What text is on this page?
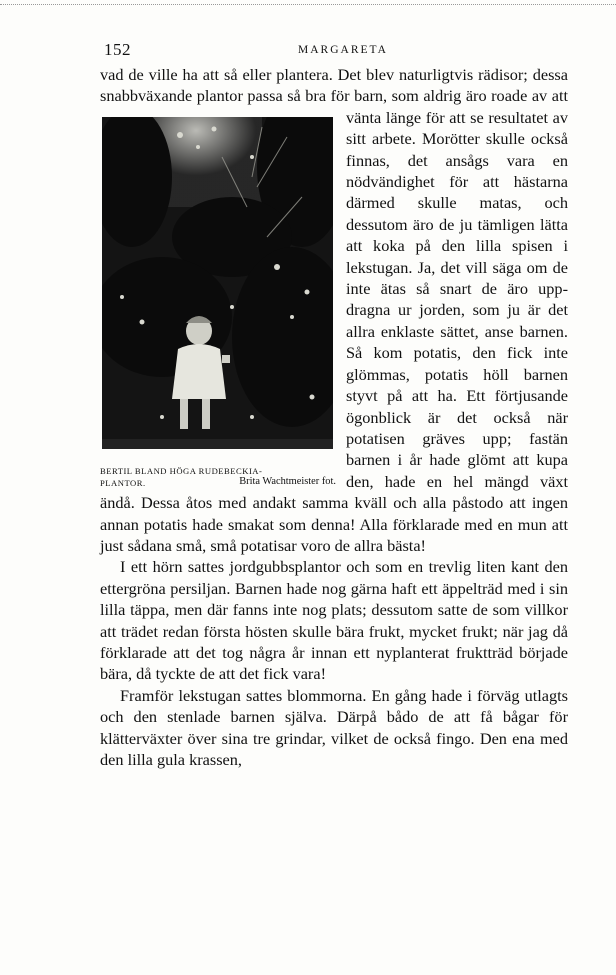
152	MARGARETA

vad de ville ha att så eller plantera. Det blev naturligtvis rädisor; dessa snabbväxande plantor passa så bra för barn, som aldrig äro roade av att vänta länge för att se resul
BERTIL BLAND HÖGA RUDEBECKIA-
PLANTOR.	Brita Wachtmeister fot.
tatet av sitt arbete. Morötter skulle också finnas, det ansågs vara en nödvändighet för att hästarna därmed skulle matas, och dessutom äro de ju tämligen lätta att koka på den lilla spisen i lekstugan. Ja, det vill säga om de inte ätas så snart de äro uppdragna ur jorden, som ju är det allra enklaste sättet, anse barnen. Så kom potatis, den fick inte glömmas, potatis höll barnen styvt på att ha. Ett förtjusande ögonblick är det också när potatisen gräves upp; fastän barnen i år hade glömt att kupa den, hade en hel mängd växt ändå. Dessa åtos med andakt samma kväll och alla påstodo att ingen annan potatis hade smakat som denna! Alla förklarade med en mun att just sådana små, små potatisar voro de allra bästa!

I ett hörn sattes jordgubbsplantor och som en trevlig liten kant den ettergröna persiljan. Barnen hade nog gärna haft ett äppelträd med i sin lilla täppa, men där fanns inte nog plats; dessutom satte de som villkor att trädet redan första hösten skulle bära frukt, mycket frukt; när jag då förklarade att det tog några år innan ett nyplanterat fruktträd började bära, då tyckte de att det fick vara!

Framför lekstugan sattes blommorna. En gång hade i förväg utlagts och den stenlade barnen själva. Därpå bådo de att få bågar för klätterväxter över sina tre grindar, vilket de också fingo. Den ena med den lilla gula krassen,
